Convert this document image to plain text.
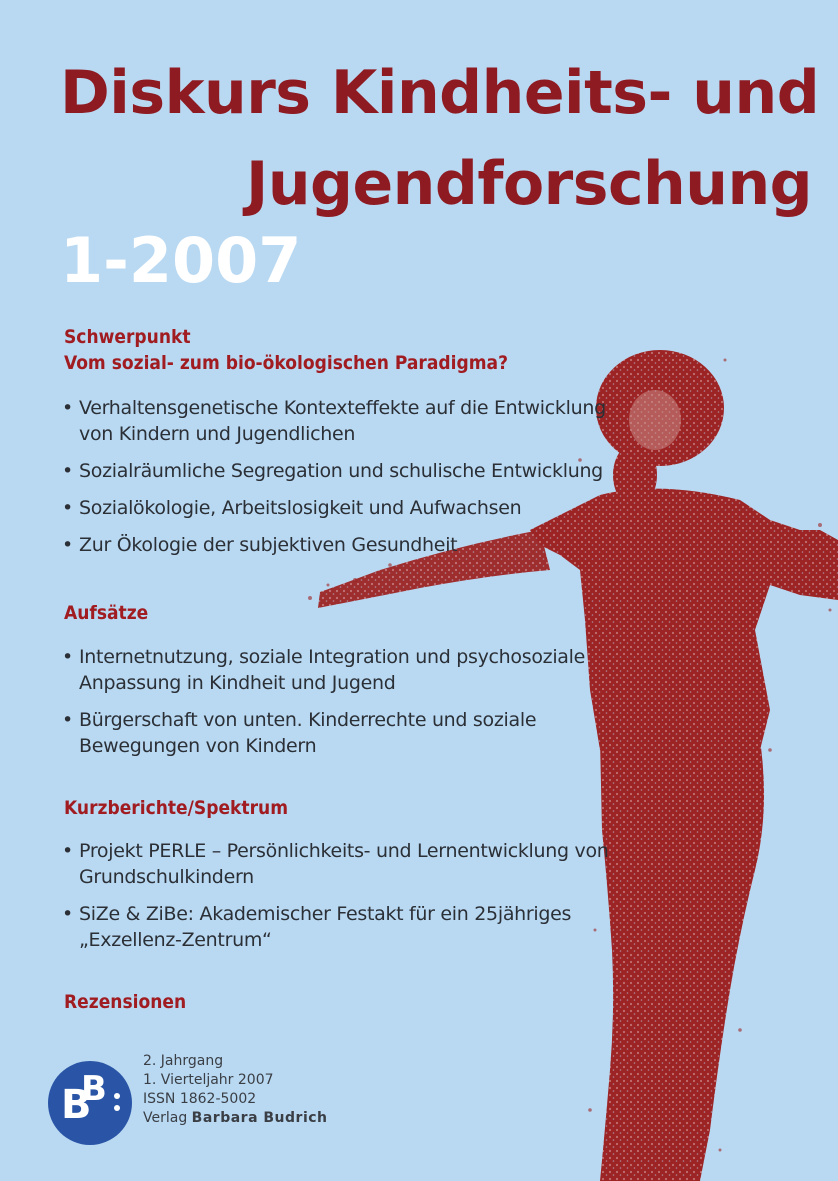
Diskurs Kindheits- und
Jugendforschung
1-2007
Schwerpunkt
Vom sozial- zum bio-ökologischen Paradigma?
• Verhaltensgenetische Kontexteffekte auf die Entwicklung
von Kindern und Jugendlichen
• Sozialräumliche Segregation und schulische Entwicklung
• Sozialökologie, Arbeitslosigkeit und Aufwachsen
• Zur Ökologie der subjektiven Gesundheit
Aufsätze
• Internetnutzung, soziale Integration und psychosoziale
Anpassung in Kindheit und Jugend
• Bürgerschaft von unten. Kinderrechte und soziale
Bewegungen von Kindern
Kurzberichte/Spektrum
• Projekt PERLE – Persönlichkeits- und Lernentwicklung von
Grundschulkindern
• SiZe & ZiBe: Akademischer Festakt für ein 25jähriges
„Exzellenz-Zentrum“
Rezensionen
B
B
2. Jahrgang
1. Vierteljahr 2007
ISSN 1862-5002
Verlag Barbara Budrich
